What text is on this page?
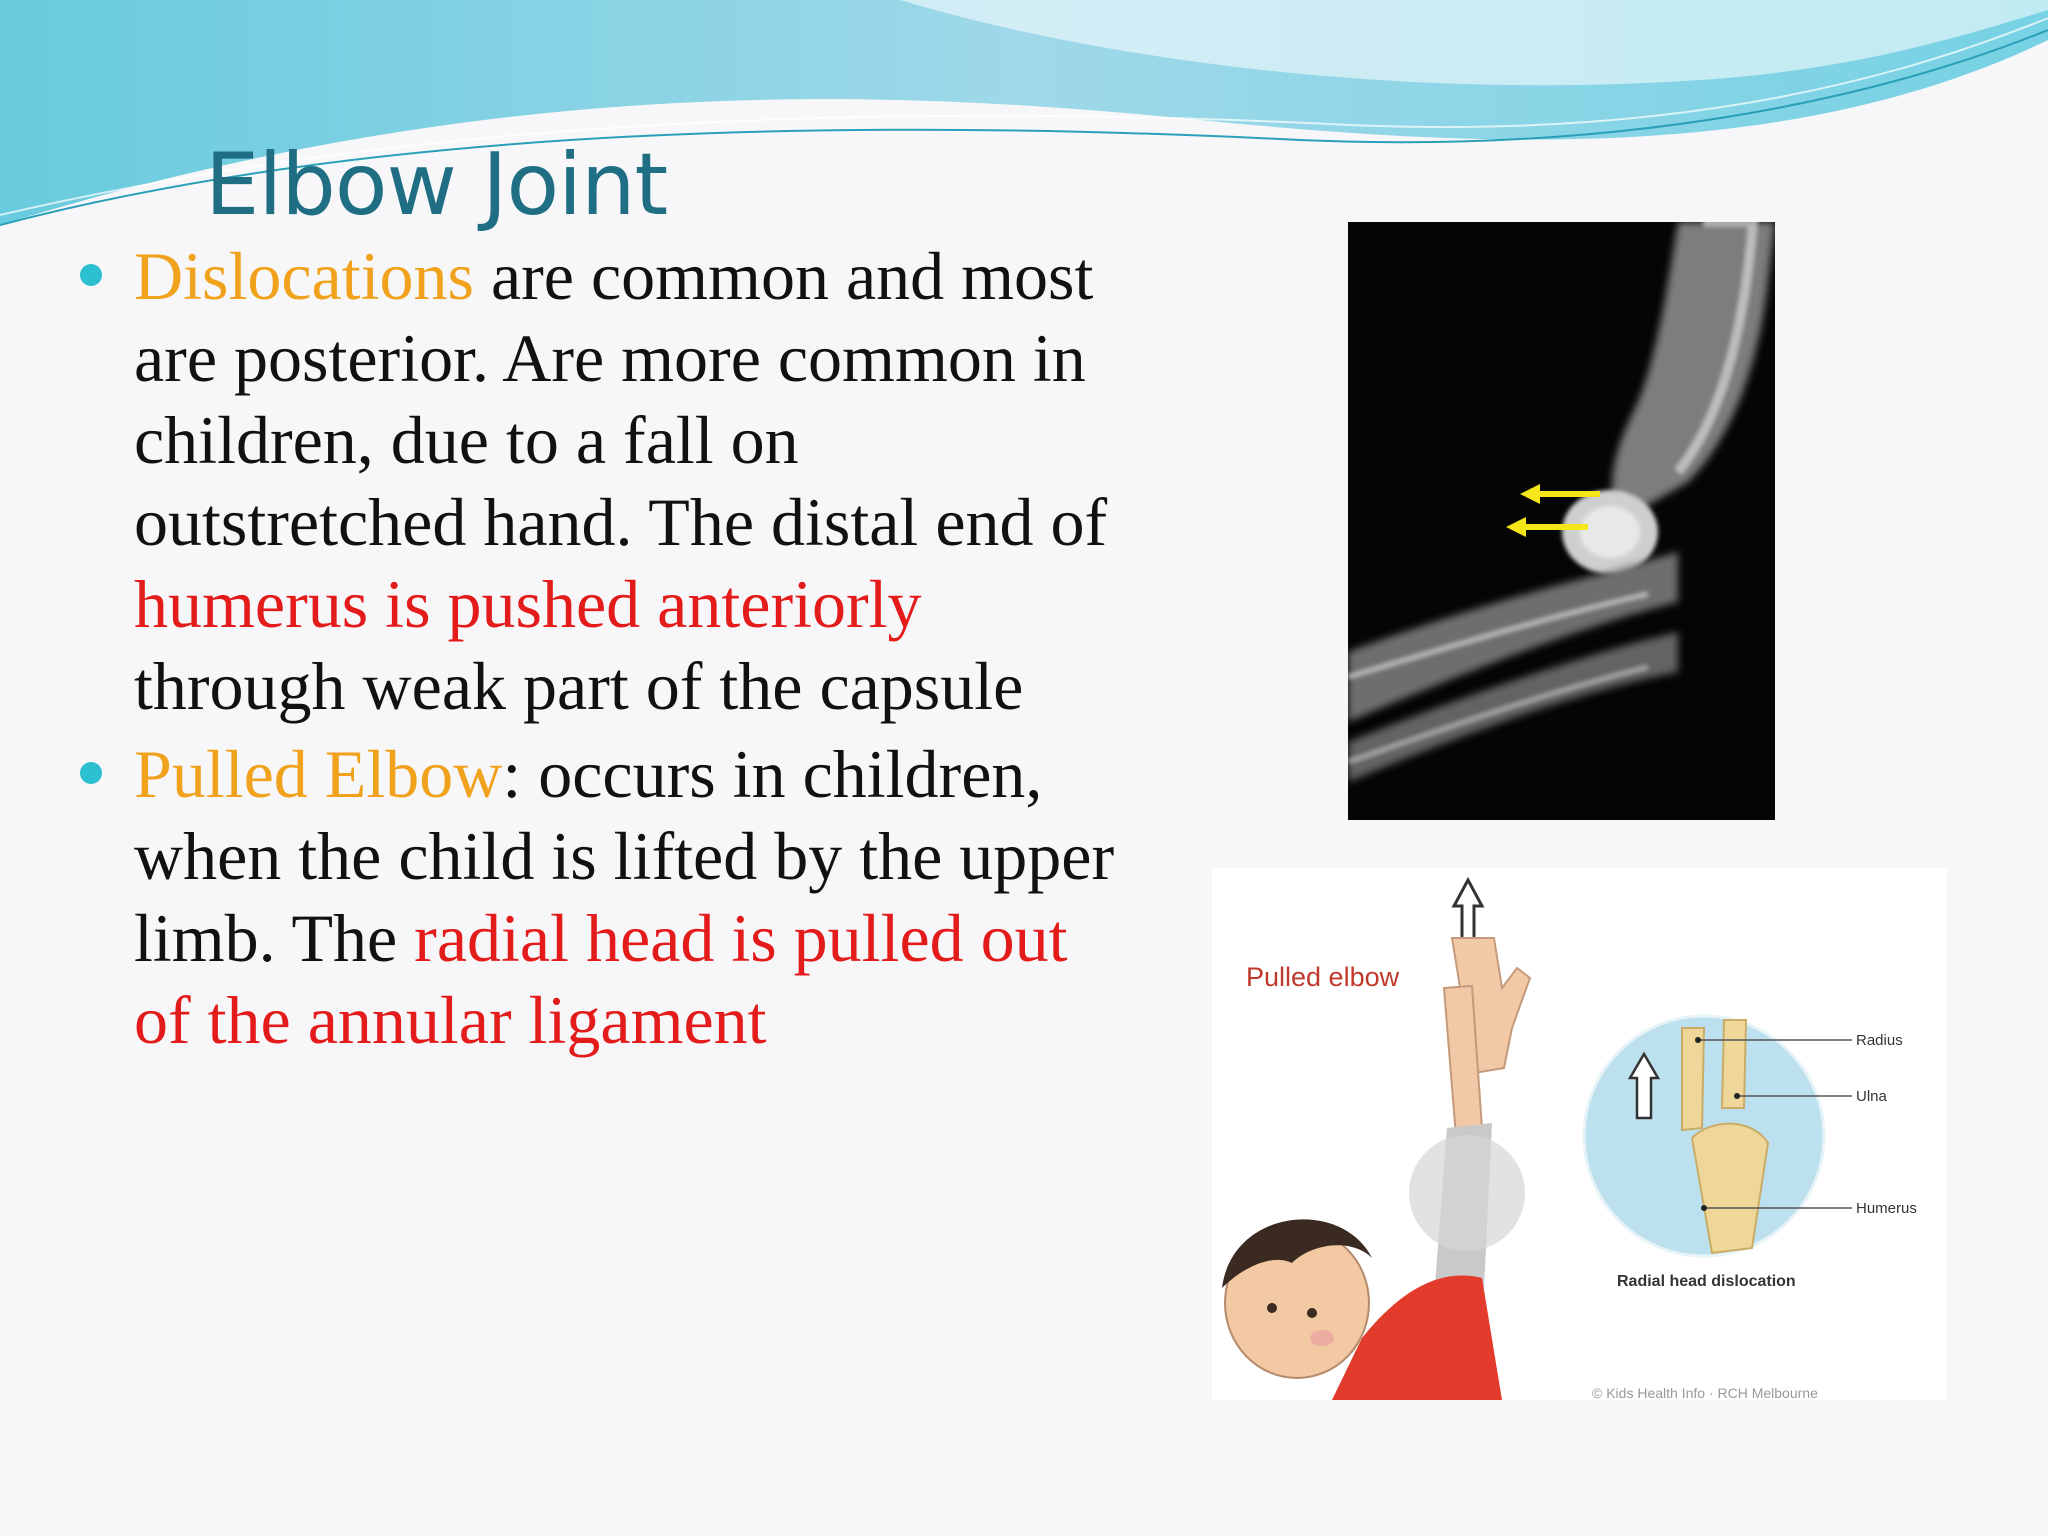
Elbow Joint
Dislocations are common and most are posterior. Are more common in children, due to a fall on outstretched hand. The distal end of humerus is pushed anteriorly through weak part of the capsule
Pulled Elbow: occurs in children, when the child is lifted by the upper limb. The radial head is pulled out of the annular ligament
Pulled elbow
Radius
Ulna
Humerus
Radial head dislocation
© Kids Health Info · RCH Melbourne
